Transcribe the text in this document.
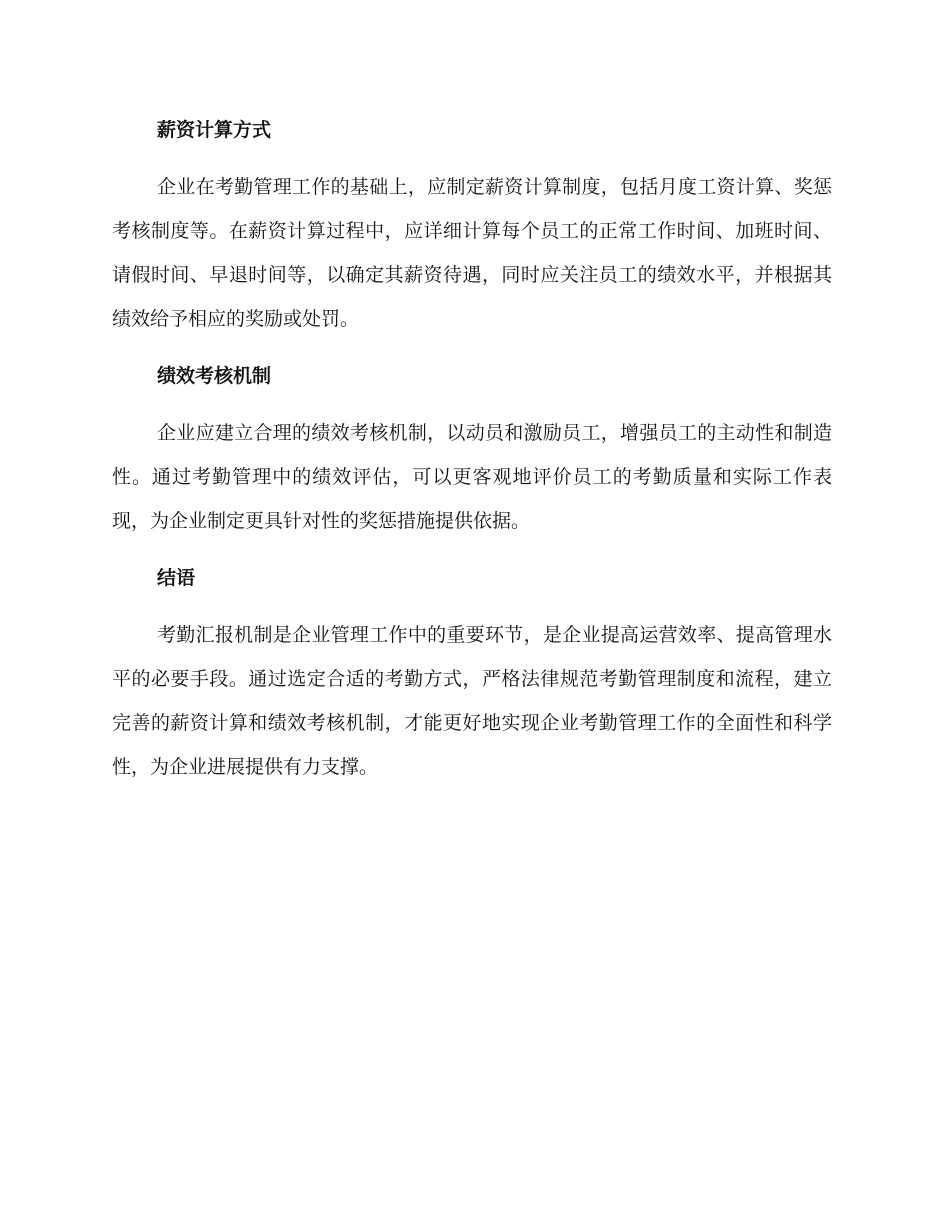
薪资计算方式

企业在考勤管理工作的基础上，应制定薪资计算制度，包括月度工资计算、奖惩考核制度等。在薪资计算过程中，应详细计算每个员工的正常工作时间、加班时间、请假时间、早退时间等，以确定其薪资待遇，同时应关注员工的绩效水平，并根据其绩效给予相应的奖励或处罚。

绩效考核机制

企业应建立合理的绩效考核机制，以动员和激励员工，增强员工的主动性和制造性。通过考勤管理中的绩效评估，可以更客观地评价员工的考勤质量和实际工作表现，为企业制定更具针对性的奖惩措施提供依据。

结语

考勤汇报机制是企业管理工作中的重要环节，是企业提高运营效率、提高管理水平的必要手段。通过选定合适的考勤方式，严格法律规范考勤管理制度和流程，建立完善的薪资计算和绩效考核机制，才能更好地实现企业考勤管理工作的全面性和科学性，为企业进展提供有力支撑。
